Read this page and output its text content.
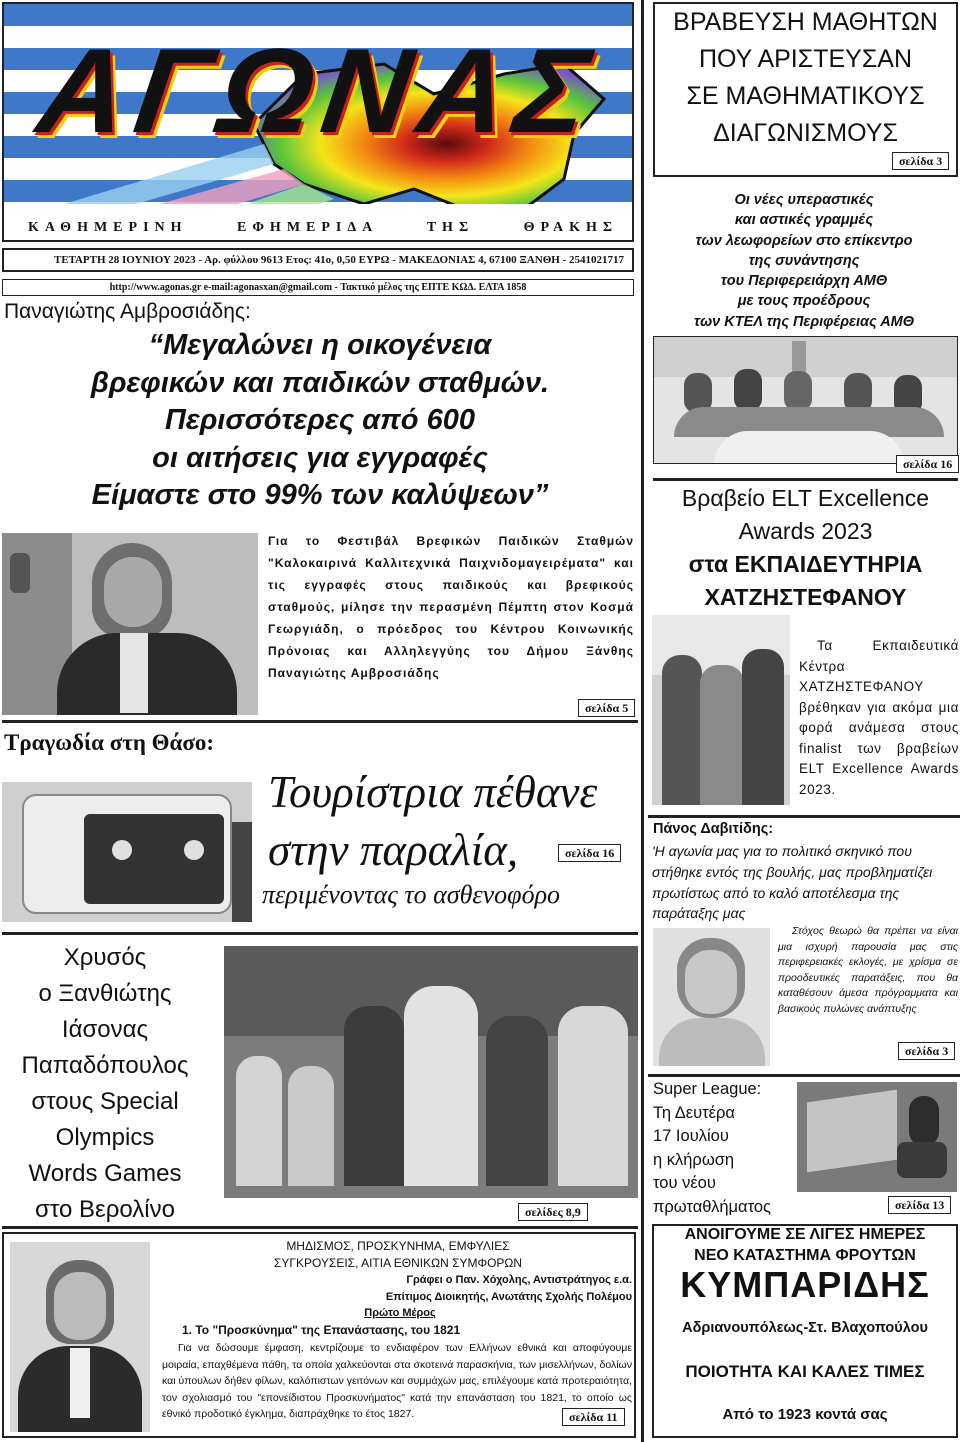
ΑΓΩΝΑΣ
ΚΑΘΗΜΕΡΙΝΗ ΕΦΗΜΕΡΙΔΑ ΤΗΣ ΘΡΑΚΗΣ
ΤΕΤΑΡΤΗ 28 ΙΟΥΝΙΟΥ 2023 - Αρ. φύλλου 9613 Ετος: 41ο, 0,50 ΕΥΡΩ - ΜΑΚΕΔΟΝΙΑΣ 4, 67100 ΞΑΝΘΗ - 2541021717
http://www.agonas.gr e-mail:agonasxan@gmail.com - Τακτικό μέλος της ΕΠΤΕ ΚΩΔ. ΕΛΤΑ 1858
Παναγιώτης Αμβροσιάδης:
“Μεγαλώνει η οικογένεια
βρεφικών και παιδικών σταθμών.
Περισσότερες από 600
οι αιτήσεις για εγγραφές
Είμαστε στο 99% των καλύψεων”
Για το Φεστιβάλ Βρεφικών Παιδικών Σταθμών "Καλοκαιρινά Καλλιτεχνικά Παιχνιδομαγειρέματα" και τις εγγραφές στους παιδικούς και βρεφικούς σταθμούς, μίλησε την περασμένη Πέμπτη στον Κοσμά Γεωργιάδη, ο πρόεδρος του Κέντρου Κοινωνικής Πρόνοιας και Αλληλεγγύης του Δήμου Ξάνθης Παναγιώτης Αμβροσιάδης
σελίδα 5
Τραγωδία στη Θάσο:
Τουρίστρια πέθανε
στην παραλία,	σελίδα 16
περιμένοντας το ασθενοφόρο
Χρυσός
ο Ξανθιώτης
Ιάσονας
Παπαδόπουλος
στους Special
Olympics
Words Games
στο Βερολίνο	σελίδες 8,9
ΜΗΔΙΣΜΟΣ, ΠΡΟΣΚΥΝΗΜΑ, ΕΜΦΥΛΙΕΣ
ΣΥΓΚΡΟΥΣΕΙΣ, ΑΙΤΙΑ ΕΘΝΙΚΩΝ ΣΥΜΦΟΡΩΝ
Γράφει ο Παν. Χόχολης, Αντιστράτηγος ε.α.
Επίτιμος Διοικητής, Ανωτάτης Σχολής Πολέμου
Πρώτο Μέρος
1. Το "Προσκύνημα" της Επανάστασης, του 1821
Για να δώσουμε έμφαση, κεντρίζουμε το ενδιαφέρον των Ελλήνων εθνικά και αποφύγουμε μοιραία, επαχθέμενα πάθη, τα οποία χαλκεύονται στα σκοτεινά παρασκήνια, των μισελλήνων, δολίων και ύπουλων δήθεν φίλων, καλόπιστων γειτόνων και συμμάχων μας, επιλέγουμε κατά προτεραιότητα, τον σχολιασμό του "επονείδιστου Προσκυνήματος" κατά την επανάσταση του 1821, το οποίο ως εθνικό προδοτικό έγκλημα, διαπράχθηκε το έτος 1827.	σελίδα 11
ΒΡΑΒΕΥΣΗ ΜΑΘΗΤΩΝ
ΠΟΥ ΑΡΙΣΤΕΥΣΑΝ
ΣΕ ΜΑΘΗΜΑΤΙΚΟΥΣ
ΔΙΑΓΩΝΙΣΜΟΥΣ
σελίδα 3
Οι νέες υπεραστικές
και αστικές γραμμές
των λεωφορείων στο επίκεντρο
της συνάντησης
του Περιφερειάρχη ΑΜΘ
με τους προέδρους
των ΚΤΕΛ της Περιφέρειας ΑΜΘ
σελίδα 16
Βραβείο ELT Excellence
Awards 2023
στα ΕΚΠΑΙΔΕΥΤΗΡΙΑ
ΧΑΤΖΗΣΤΕΦΑΝΟΥ
Τα Εκπαιδευτικά Κέντρα ΧΑΤΖΗΣΤΕΦΑΝΟΥ βρέθηκαν για ακόμα μια φορά ανάμεσα στους finalist των βραβείων ELT Excellence Awards 2023.
Πάνος Δαβιτίδης:
'Η αγωνία μας για το πολιτικό σκηνικό που στήθηκε εντός της βουλής, μας προβληματίζει πρωτίστως από το καλό αποτέλεσμα της παράταξης μας
Στόχος θεωρώ θα πρέπει να είναι μια ισχυρή παρουσία μας στις περιφερειακές εκλογές, με χρίσμα σε προοδευτικές παρατάξεις, που θα καταθέσουν άμεσα πρόγραμματα και βασικούς πυλώνες ανάπτυξης
σελίδα 3
Super League:
Τη Δευτέρα
17 Ιουλίου
η κλήρωση
του νέου
πρωταθλήματος	σελίδα 13
ΑΝΟΙΓΟΥΜΕ ΣΕ ΛΙΓΕΣ ΗΜΕΡΕΣ
ΝΕΟ ΚΑΤΑΣΤΗΜΑ ΦΡΟΥΤΩΝ
ΚΥΜΠΑΡΙΔΗΣ
Αδριανουπόλεως-Στ. Βλαχοπούλου
ΠΟΙΟΤΗΤΑ ΚΑΙ ΚΑΛΕΣ ΤΙΜΕΣ
Από το 1923 κοντά σας
